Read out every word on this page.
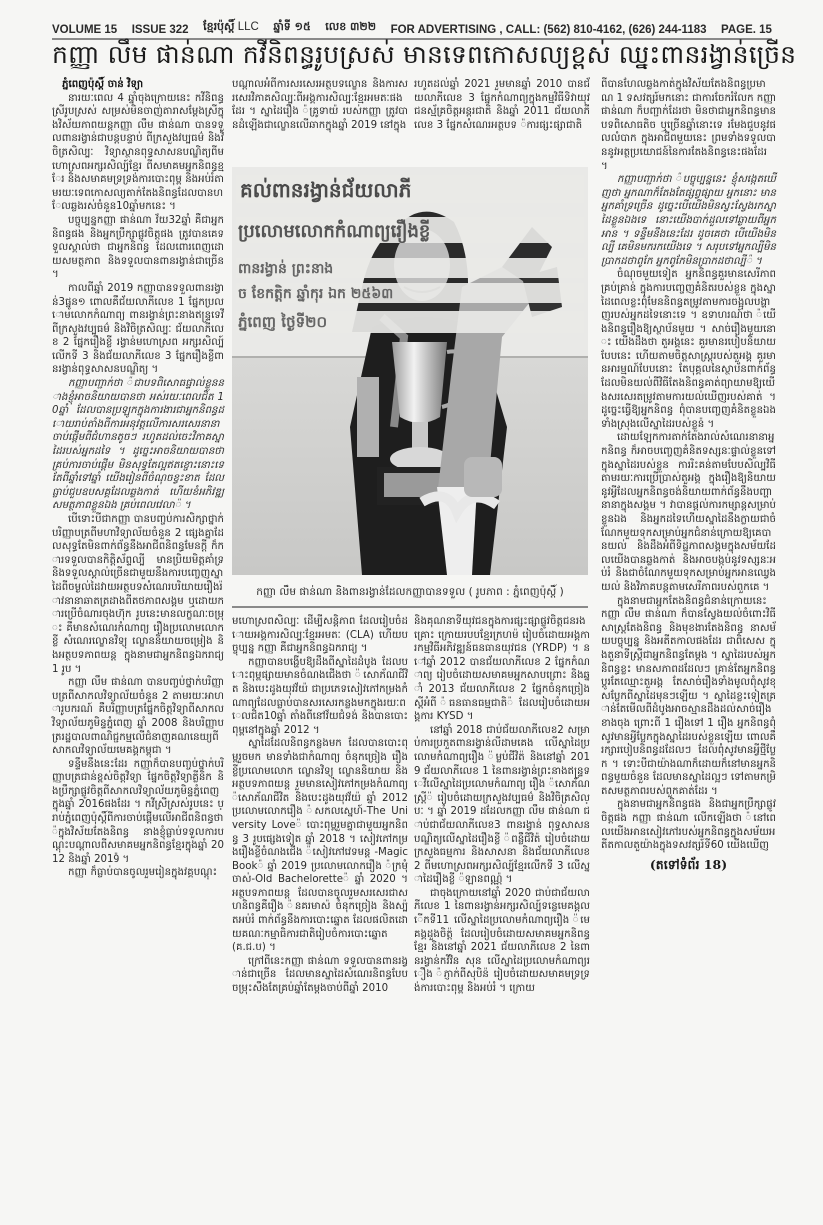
VOLUME 15 ISSUE 322 ខ្មែរប៉ុស្ដិ៍ LLC ឆ្នាំទី ១៥ លេខ ៣២២ FOR ADVERTISING , CALL: (562) 810-4162, (626) 244-1183 PAGE. 15
កញ្ញា លឹម ផាន់ណា កវីនិពន្ធរូបស្រស់ មានទេពកោសល្យខ្ពស់ ឈ្នះពានរង្វាន់ច្រើន

ភ្នំពេញប៉ុស្ដិ៍ ចាន់ វិទ្យា

នារយៈពេល 4 ឆ្នាំចុងក្រោយនេះ កវីនិពន្ធស្រីរូបស្រស់ សម្រស់មិនចាញ់តារាសម្ដែងស្រីក្នុងវិស័យភាពយន្តកញ្ញា លឹម ផាន់ណា បានទទួលពានរង្វាន់ជាបន្តបន្ទាប់ ពីក្រសួងវប្បធម៌ និងវិចិត្រសិល្បៈ វិទ្យាស្ថានពុទ្ធសាសនបណ្ឌិត្យពីមហោស្រពអក្សរសិល្ប៍ខ្មែរ ពីសមាគមអ្នកនិពន្ធខ្មែរ និងសមាគមទ្រទ្រង់ការបោះពុម្ព និងអប់រំតាមរយៈទេពកោសល្យតាក់តែងនិពន្ធដែលបានហែលឆ្លងរស់ចំនួន10ឆ្នាំមកនេះ ។

បច្ចុប្បន្នកញ្ញា ផាន់ណា វ័យ32ឆ្នាំ គឺជាអ្នកនិពន្ធផង និងអ្នកប្រឹក្សាផ្លូវចិត្តផង ត្រូវបានគេទទួលស្គាល់ថា ជាអ្នកនិពន្ធ ដែលពោរពេញដោយសមត្ថភាព និងទទួលបានពានរង្វាន់ជាច្រើន ។

កាលពីឆ្នាំ 2019 កញ្ញាបានទទួលពានរង្វាន់3ផ្នូន១ ពោលគឺជ័យលាភីលេខ 1 ផ្នែកប្រលោមលោកកំណាព្យ ពានរង្វាន់ព្រះនាងឥន្ទ្រទេវី ពីក្រសួងវប្បធម៌ និងវិចិត្រសិល្បៈ ជ័យលាភីលេខ 2 ផ្នែករឿងខ្លី រង្វាន់មហោស្រព អក្សរសិល្ប៍លើកទី 3 និងជ័យលាភីលេខ 3 ផ្នែករឿងខ្លីពានរង្វាន់ពុទ្ធសាសនបណ្ឌិត្យ ។

កញ្ញាបញ្ជាក់ថា ៉ជាបទពិសោធផ្ទាល់ខ្លួននាងខ្ញុំអាចនិយាយបានថា អស់រយៈពេលជិត 10ឆ្នាំ ដែលបានប្រឡូកក្នុងការងារជាអ្នកនិពន្ធដោយរាប់តាំងពីការអនុវត្តលើការសរសេរនានាចាប់ផ្ដើមពីជំហានតូចៗ រហូតដល់ចេះវិភាគស្នាដៃរបស់អ្នកដទៃ ។ ដូច្នេះអាចនិយាយបានថា គ្រប់ការចាប់ផ្ដើម មិនសុទ្ធតែល្អឥតខ្ចោះនោះទេ តែពីឆ្នាំទៅឆ្នាំ យើងរៀនពីចំណុចខ្វះខាត ដែលធ្លាប់ជួបឧបសគ្គដែលឆ្លងកាត់ ហើយខំអភិវឌ្ឍសមត្ថភាពខ្លួនឯង គ្រប់ពេលវេលា៉ ។

បើទោះបីជាកញ្ញា បានបញ្ចប់ការសិក្សាថ្នាក់បរិញ្ញាបត្រពីមហាវិទ្យាល័យចំនួន 2 ផ្សេងគ្នាដែលសុទ្ធតែមិនពាក់ព័ន្ធនឹងអាជីពនិពន្ធមែនក្ដី ក៏ការទទួលបានកិត្តិស័ព្ទល្បី មានប្រិយមិត្តគាំទ្រ និងទទួលស្គាល់ច្រើនជាមួយនឹងការបញ្ចេញស្នាដៃពីចម្ងល់ដៃវាយអត្ថបទសំណេរបរិយាយរឿងរ៉ាវនានាឆាតត្រដាងពីតថភាពសង្គម ឬដោយការប្រើចំណារចុងហ៊ុក រូបនេះមានលក្ខណៈចម្រុះ គឺមានសំណេរកំណាព្យ រឿងប្រលោមលោកខ្លី សំណេរល្ខោនវិទ្យុ ល្ខោននិយាយចម្រៀង និងអត្ថបទភាពយន្ត ក្នុងនាមជាអ្នកនិពន្ធឯករាជ្យ 1 រូប ។

កញ្ញា លឹម ផាន់ណា បានបញ្ចប់ថ្នាក់បរិញ្ញាបត្រពីសាកលវិទ្យាល័យចំនួន 2 តាមរយៈអាហារូបករណ៍ គឺបរិញ្ញាបត្រផ្នែកចិត្តវិទ្យាពីសាកលវិទ្យាល័យភូមិន្ទភ្នំពេញ ឆ្នាំ 2008 និងបរិញ្ញាបត្ររដ្ឋបាលពាណិជ្ជកម្មលើជំនាញគណនេយ្យពីសាកលវិទ្យាល័យមេគង្គកម្ពុជា ។

ទន្ទឹមនឹងនេះដែរ កញ្ញាក៏បានបញ្ចប់ថ្នាក់បរិញ្ញាបត្រជាន់ខ្ពស់ចិត្តវិទ្យា ផ្នែកចិត្តវិទ្យាគ្លីនិក និងប្រឹក្សាផ្លូវចិត្តពីសាកលវិទ្យាល័យភូមិន្ទភ្នំពេញក្នុងឆ្នាំ 2016ផងដែរ ។ កវីស្រីស្រស់រូបនេះ ប្រាប់ភ្នំពេញប៉ុស្ដិ៍ពីការចាប់ផ្ដើមលើអាជីពនិពន្ធថា ៉ក្នុងវិស័យតែងនិពន្ធ នាងខ្ញុំធ្លាប់ទទួលការបណ្ដុះបណ្ដាលពីសមាគមអ្នកនិពន្ធខ្មែរក្នុងឆ្នាំ 2012 និងឆ្នាំ 2019៉ ។

កញ្ញា ក៏ធ្លាប់បានចូលរួមរៀនក្នុងវគ្គបណ្ដុះ

បណ្ដាលអំពីការសរសេរអត្ថបទល្ខោន និងការសរសេរវិភាគសិល្បៈពីអង្គការសិល្បៈខ្មែរអមតៈផងដែរ ។ ស្នាដៃរឿង ៉គ្រូទាយ៉ របស់កញ្ញា ត្រូវបានដំឡើងជាល្ខោនលើឆាកក្នុងឆ្នាំ 2019 នៅក្នុង

រហូតដល់ឆ្នាំ 2021 រួមមានឆ្នាំ 2010 បានជ័យលាភីលេខ 3 ផ្នែកកំណាព្យក្នុងកម្មវិធីទិវាយុវជនស្ម័គ្រចិត្តអន្តរជាតិ និងឆ្នាំ 2011 ជ័យលាភីលេខ 3 ផ្នែកសំណេរអត្ថបទ ៉ការផ្សះផ្សាជាតិ

គល់ពានរង្វាន់ជ័យលាភី
ប្រលោមលោកកំណាព្យរឿងខ្លី
ពានរង្វាន់ ព្រះនាង
ច ខែកត្តិក ឆ្នាំកុរ ឯក ២៥៦៣
ភ្នំពេញ ថ្ងៃទី២០
កញ្ញា លឹម ផាន់ណា និងពានរង្វាន់ដែលកញ្ញាបានទទួល ( រូបភាព : ភ្នំពេញប៉ុស្ដិ៍ )

មហោស្រពសិល្បៈ ដើម្បីសន្តិភាព ដែលរៀបចំដោយអង្គការសិល្បៈខ្មែរអមតៈ (CLA) ហើយបច្ចុប្បន្ន កញ្ញា គឺជាអ្នកនិពន្ធឯករាជ្យ ។

កញ្ញាបានបង្ហើបឱ្យដឹងពីស្នាដៃដំបូង ដែលបោះពុម្ពផ្សាយមានចំណងជើងថា ៉សោភ័ណជីវិត និងបេះដូងយុវវ័យ៉ ជាប្រភេទសៀវភៅកម្រងកំណាព្យដែលធ្លាប់បានសរសេរកន្លងមកក្នុងរយៈពេលជិត10ឆ្នាំ តាំងពីនៅវ័យជំទង់ និងបានបោះពុម្ពនៅក្នុងឆ្នាំ 2012 ។

ស្នាដៃដែលនិពន្ធកន្លងមក ដែលបានបោះពុម្ពរួចមក មានទាំងជាកំណាព្យ ចំនុកច្រៀង រឿងខ្លីប្រលោមលោក ល្ខោនវិទ្យុ ល្ខោននិយាយ និងអត្ថបទភាពយន្ត រួមមានសៀវភៅកម្រងកំណាព្យ ៉សោភ័ណជីវិត និងបេះដូងយុវវ័យ៉ ឆ្នាំ 2012 ប្រលោមលោករឿង ៉សកលស្នេហ៍-The University Love៉ បោះពុម្ពរួមគ្នាជាមួយអ្នកនិពន្ធ 3 រូបផ្សេងទៀត ឆ្នាំ 2018 ។ សៀវភៅកម្រងរឿងខ្លីចំណងជើង ៉សៀវភៅវេទមន្ត -Magic Book៉ ឆ្នាំ 2019 ប្រលោមលោករឿង ៉ក្រមុំចាស់-Old Bachelorette៉ ឆ្នាំ 2020 ។ អត្ថបទភាពយន្ត ដែលបានចូលរួមសរសេរជាសហនិពន្ធគឺរឿង ៉នគរមាស៉ ចំនុកច្រៀង និងស្ប៉តអប់រំ ពាក់ព័ន្ធនឹងការបោះឆ្នោត ដែលផលិតដោយគណៈកម្មាធិការជាតិរៀបចំការបោះឆ្នោត (គ.ជ.ប) ។

ក្រៅពីនេះកញ្ញា ផាន់ណា ទទួលបានពានរង្វាន់ជាច្រើន ដែលមានស្នាដៃសំណេរនិពន្ធបែបចម្រុះសឹងតែគ្រប់ឆ្នាំតែម្ដងចាប់ពីឆ្នាំ 2010

និងគុណនាទីយុវជនក្នុងការផ្សះផ្សាផ្លូវចិត្តជនរងគ្រោះ ក្រោយរបបខ្មែរក្រហម៉ រៀបចំដោយអង្គការកម្មវិធីអភិវឌ្ឍន៍ធនធានយុវជន (YRDP) ។ នៅឆ្នាំ 2012 បានជ័យលាភីលេខ 2 ផ្នែកកំណាព្យ រៀបចំដោយសមាគមអ្នកសាបព្រោះ និងឆ្នាំ 2013 ជ័យលាភីលេខ 2 ផ្នែកចំនុកច្រៀងស្ដីអំពី ៉ធនធានធម្មជាតិ៉ ដែលរៀបចំដោយអង្គការ KYSD ។

នៅឆ្នាំ 2018 ជាប់ជ័យលាភីលេខ2 សម្រាប់ការប្រកួតពានរង្វាន់លីដាមគេង លើស្នាដៃប្រលោមកំណាព្យរឿង ៉ម្លប់ជីវិត៉ និងនៅឆ្នាំ 2019 ជ័យលាភីលេខ 1 នៃពានរង្វាន់ព្រះនាងឥន្ទ្រទេវីលើស្នាដៃប្រលោមកំណាព្យ រឿង ៉សោភ័ណស្ត្រី៉ រៀបចំដោយក្រសួងវប្បធម៌ និងវិចិត្រសិល្បៈ ។ ឆ្នាំ 2019 ដដែលកញ្ញា លឹម ផាន់ណា ជាប់ជាជ័យលាភីលេខ3 ពានរង្វាន់ ពុទ្ធសាសនបណ្ឌិត្យលើស្នាដៃរឿងខ្លី ៉ពន្លឺជីវិត៉ រៀបចំដោយក្រសួងធម្មការ និងសាសនា និងជ័យលាភីលេខ 2 ពីមហោស្រពអក្សរសិល្ប៍ខ្មែរលើកទី 3 លើស្នាដៃរឿងខ្លី ៉ឡានពណ្ណ៉ ។

ជាចុងក្រោយនៅឆ្នាំ 2020 ជាប់ជាជ័យលាភីលេខ 1 នៃពានរង្វាន់អក្សរសិល្ប៍ទន្លេមេគង្គលើកទី11 លើស្នាដៃប្រលោមកំណាព្យរឿង ៉មេគង្គដួងចិត្ត៉ ដែលរៀបចំដោយសមាគមអ្នកនិពន្ធខ្មែរ និងនៅឆ្នាំ 2021 ជ័យលាភីលេខ 2 នៃពានរង្វាន់កវីវិន សុន លើស្នាដៃប្រលោមកំណាព្យរឿង ៉ភ្ញាក់ពីសុបិន៉ រៀបចំដោយសមាគមទ្រទ្រង់ការបោះពុម្ព និងអប់រំ ។ ក្រោយ

ពីបានហែលឆ្លងកាត់ក្នុងវិស័យតែងនិពន្ធប្រមាណ 1 ទសវត្សរ៍មកនោះ ជាការចែករំលែក កញ្ញា ផាន់ណា ក៏បញ្ជាក់ដែរថា មិនថាជាអ្នកនិពន្ធមានបទពិសោធតិច ឬច្រើនឆ្នាំនោះទេ រមែងជួបនូវផលលំបាក ក្នុងអាជីពមួយនេះ ព្រមទាំងទទួលបាននូវអត្ថប្រយោជន៍នៃការតែងនិពន្ធនេះផងដែរ ។

កញ្ញាបញ្ជាក់ថា ៉បច្ចុប្បន្ននេះ ខ្ញុំសង្កេតឃើញថា អ្នកណាក៏តែងតែផ្សព្វផ្សាយ អ្នកនោះ មានអ្នកគាំទ្រច្រើន ដូច្នេះបើយើងមិនស្វះស្វែងរកស្នាដៃខ្លួនឯងទេ នោះយើងបាក់ដួលទៅឆ្ងាយពីអ្នកអាន ។ ទន្ទឹមនឹងនេះដែរ ដូចគេថា បើយើងមិនល្បី គេមិនមករកយើងទេ ។ សរុបទៅអ្នកល្បីមិនប្រាកដថាពូកែ អ្នកពូកែមិនប្រាកដថាល្បី៉ ។

ចំណុចមួយទៀត អ្នកនិពន្ធគួរមានសេរីភាពគ្រប់គ្រាន់ ក្នុងការបញ្ចេញគំនិតរបស់ខ្លួន ក្នុងស្នាដៃពេលខ្លះពុំមែននិពន្ធតម្រូវតាមការចង្អុលបង្ហាញរបស់អ្នកដទៃនោះទេ ។ ឧទាហរណ៍ថា ៉យើងនិពន្ធរឿងឱ្យស្ថាប័នមួយ ។ សាច់រឿងមួយនោះ យើងដឹងថា តួអង្គនេះ គួរមានរបៀបនិយាយបែបនេះ ហើយតាមចិត្តសាស្ត្ររបស់តួអង្គ គួរមានអារម្មណ៍បែបនោះ តែបុគ្គលនៃស្ថាប័នពាក់ព័ន្ធ ដែលមិនយល់ពីវិធីតែងនិពន្ធគាត់ព្យាយាមឱ្យយើងសរសេរតម្រូវតាមការយល់ឃើញរបស់គាត់ ។ ដូច្នេះធ្វើឱ្យអ្នកនិពន្ធ ពុំបានបញ្ចេញគំនិតខ្លួនឯងទាំងស្រុងលើស្នាដៃរបស់ខ្លួន៉ ។

ដោយឡែកការតាក់តែងរាល់សំណេរនានាអ្នកនិពន្ធ ក៏អាចបញ្ចេញគំនិតទស្សនៈផ្ទាល់ខ្លួនទៅក្នុងស្នាដៃរបស់ខ្លួន ការរិះគន់តាមបែបសិល្បវិធី តាមរយៈការប្រើប្រាស់តួអង្គ ក្នុងរឿងឱ្យនិយាយនូវអ្វីដែលអ្នកនិពន្ធចង់និយាយពាក់ព័ន្ធនឹងបញ្ហានានាក្នុងសង្គម ។ វាបានផ្ដល់ការកម្សាន្តសម្រាប់ខ្លួនឯង និងអ្នកដទៃហើយស្នាដៃនឹងក្លាយជាចំណែកមួយទុកសម្រាប់អ្នកជំនាន់ក្រោយឱ្យគេបានយល់ និងដឹងអំពីទិដ្ឋភាពសង្គមក្នុងសម័យដែលយើងបានឆ្លងកាត់ និងអាចបង្កប់នូវទស្សនៈអប់រំ និងជាចំណែកមួយទុកសម្រាប់អ្នកអានឈ្វេងយល់ និងវិភាគបន្តតាមសេរីភាពរបស់ពួកគេ ។

ក្នុងនាមជាអ្នកតែងនិពន្ធជំនាន់ក្រោយនេះ កញ្ញា លឹម ផាន់ណា ក៏បានស្វែងយល់ចំពោះវិធីសាស្ត្រតែងនិពន្ធ និងមុខងារតែងនិពន្ធ នាសម័យបច្ចុប្បន្ន និងអតីតកាលផងដែរ ជាពិសេស ក្នុងតួនាទីស្ត្រីជាអ្នកនិពន្ធតែម្ដង ។ ស្នាដៃរបស់អ្នកនិពន្ធខ្លះ មានសភាពដដែលៗ គ្រាន់តែអ្នកនិពន្ធប្ដូរតែឈ្មោះតួអង្គ តែសាច់រឿងទាំងមូលពុំសូវខុសប្លែកពីស្នាដៃមុនៗឡើយ ។ ស្នាដៃខ្លះទៀតគ្រាន់តែមើលពីដំបូងអាចស្មានដឹងដល់សាច់រឿងខាងចុង ព្រោះពី 1 រឿងទៅ 1 រឿង អ្នកនិពន្ធពុំសូវមានអ្វីប្លែកក្នុងស្នាដៃរបស់ខ្លួនឡើយ ពោលគឺរក្សារបៀបនិពន្ធដដែលៗ ដែលពុំសូវមានអ្វីថ្មីប្លែក ។ ទោះបីជាយ៉ាងណាក៏ដោយក៏នៅមានអ្នកនិពន្ធមួយចំនួន ដែលមានស្នាដៃល្អៗ ទៅតាមកម្រិតសមត្ថភាពរបស់ពួកគាត់ដែរ ។

ក្នុងនាមជាអ្នកនិពន្ធផង និងជាអ្នកប្រឹក្សាផ្លូវចិត្តផង កញ្ញា ផាន់ណា លើកឡើងថា ៉នៅពេលយើងអានសៀវភៅរបស់អ្នកនិពន្ធក្នុងសម័យអតីតកាលតួយ៉ាងក្នុងទសវត្សរ៍ទី60 យើងឃើញ

(តទៅទំព័រ 18)
